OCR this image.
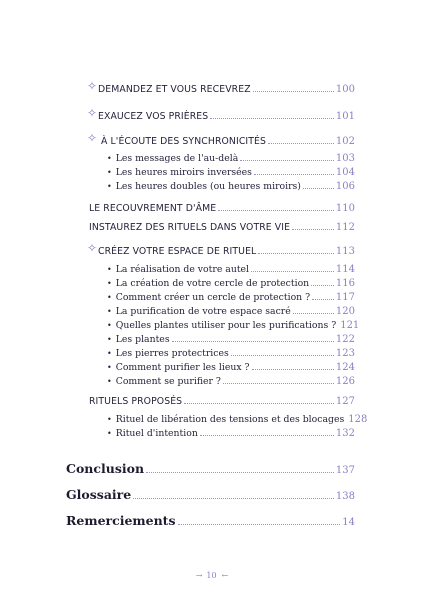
✧ DEMANDEZ ET VOUS RECEVREZ	100
✧ EXAUCEZ VOS PRIÈRES	101
✧ À L'ÉCOUTE DES SYNCHRONICITÉS	102
• Les messages de l'au-delà	103
• Les heures miroirs inversées	104
• Les heures doubles (ou heures miroirs)	106
LE RECOUVREMENT D'ÂME	110
INSTAUREZ DES RITUELS DANS VOTRE VIE	112
✧ CRÉEZ VOTRE ESPACE DE RITUEL	113
• La réalisation de votre autel	114
• La création de votre cercle de protection	116
• Comment créer un cercle de protection ?	117
• La purification de votre espace sacré	120
• Quelles plantes utiliser pour les purifications ? 121
• Les plantes	122
• Les pierres protectrices	123
• Comment purifier les lieux ?	124
• Comment se purifier ?	126
RITUELS PROPOSÉS	127
• Rituel de libération des tensions et des blocages 128
• Rituel d'intention	132
Conclusion	137
Glossaire	138
Remerciements	14
→ 10 ←
